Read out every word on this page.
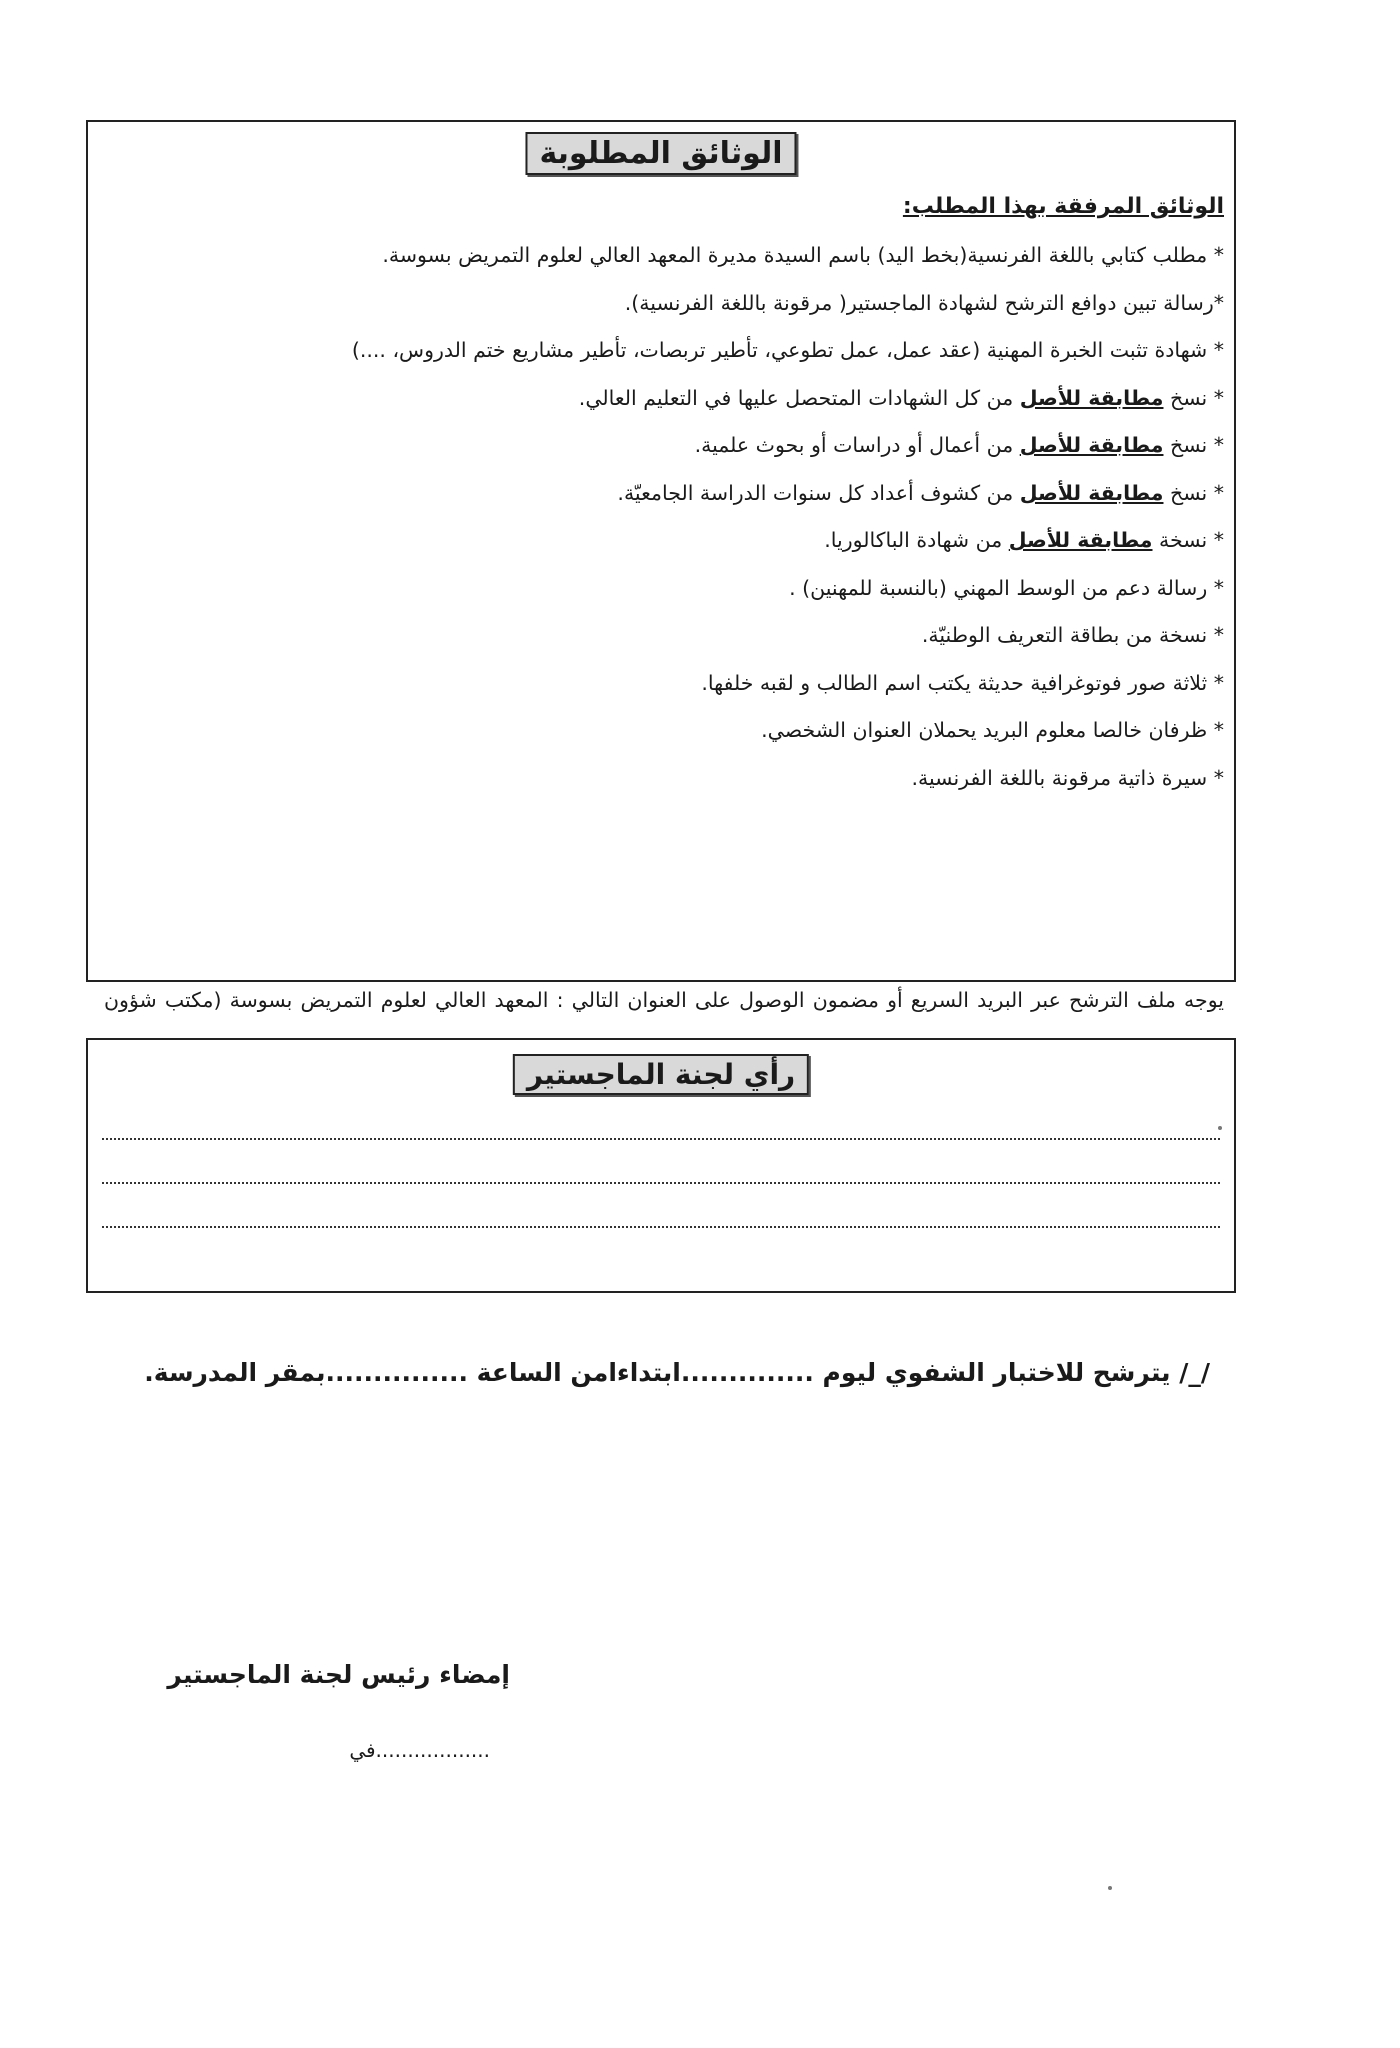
الوثائق المطلوبة
الوثائق المرفقة بهذا المطلب:
* مطلب كتابي باللغة الفرنسية(بخط اليد) باسم السيدة مديرة المعهد العالي لعلوم التمريض بسوسة.
*رسالة تبين دوافع الترشح لشهادة الماجستير( مرقونة باللغة الفرنسية).
* شهادة تثبت الخبرة المهنية (عقد عمل، عمل تطوعي، تأطير تربصات، تأطير مشاريع ختم الدروس، ....)
* نسخ مطابقة للأصل من كل الشهادات المتحصل عليها في التعليم العالي.
* نسخ مطابقة للأصل من أعمال أو دراسات أو بحوث علمية.
* نسخ مطابقة للأصل من كشوف أعداد كل سنوات الدراسة الجامعيّة.
* نسخة مطابقة للأصل من شهادة الباكالوريا.
* رسالة دعم من الوسط المهني (بالنسبة للمهنين) .
* نسخة من بطاقة التعريف الوطنيّة.
* ثلاثة صور فوتوغرافية حديثة يكتب اسم الطالب و لقبه خلفها.
* ظرفان خالصا معلوم البريد يحملان العنوان الشخصي.
* سيرة ذاتية مرقونة باللغة الفرنسية.
يوجه ملف الترشح عبر البريد السريع أو مضمون الوصول على العنوان التالي : المعهد العالي لعلوم التمريض بسوسة (مكتب شؤون
رأي لجنة الماجستير
/_/ يترشح للاختبار الشفوي ليوم ..............ابتداءامن الساعة ...............بمقر المدرسة.
إمضاء رئيس لجنة الماجستير
..................في
